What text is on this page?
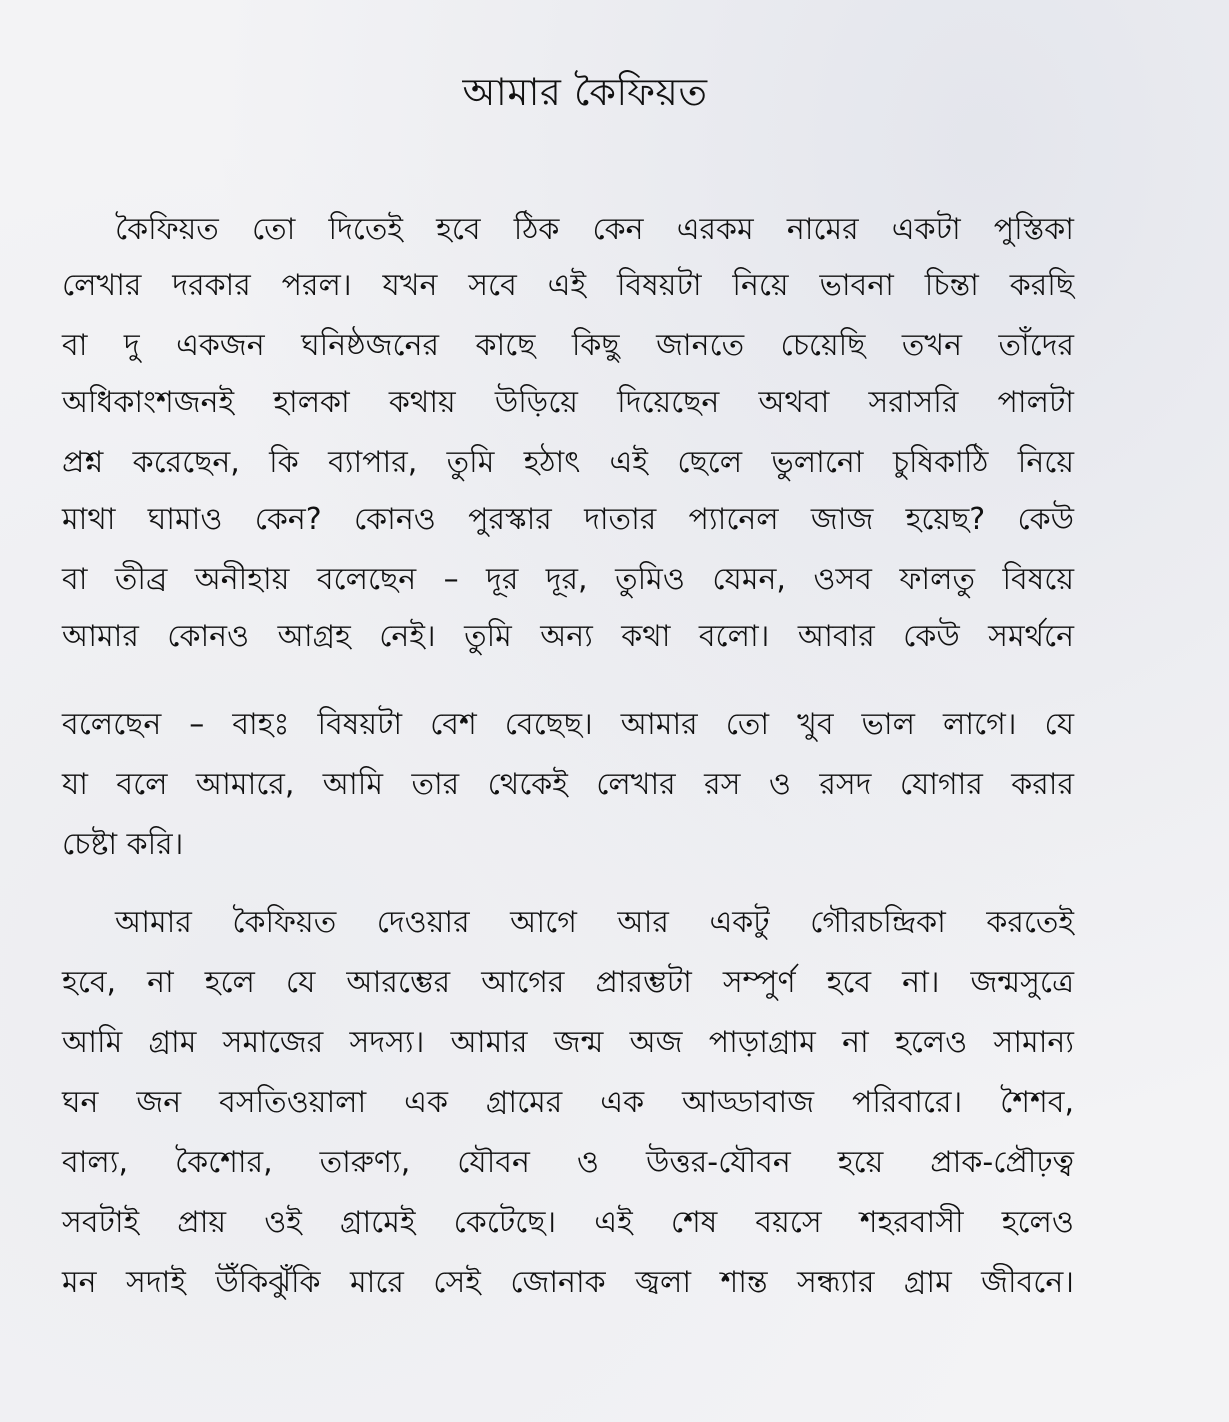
আমার কৈফিয়ত
কৈফিয়ত তো দিতেই হবে ঠিক কেন এরকম নামের একটা পুস্তিকা
লেখার দরকার পরল। যখন সবে এই বিষয়টা নিয়ে ভাবনা চিন্তা করছি
বা দু একজন ঘনিষ্ঠজনের কাছে কিছু জানতে চেয়েছি তখন তাঁদের
অধিকাংশজনই হালকা কথায় উড়িয়ে দিয়েছেন অথবা সরাসরি পালটা
প্রশ্ন করেছেন, কি ব্যাপার, তুমি হঠাৎ এই ছেলে ভুলানো চুষিকাঠি নিয়ে
মাথা ঘামাও কেন? কোনও পুরস্কার দাতার প্যানেল জাজ হয়েছ? কেউ
বা তীব্র অনীহায় বলেছেন – দূর দূর, তুমিও যেমন, ওসব ফালতু বিষয়ে
আমার কোনও আগ্রহ নেই। তুমি অন্য কথা বলো। আবার কেউ সমর্থনে
বলেছেন – বাহঃ বিষয়টা বেশ বেছেছ। আমার তো খুব ভাল লাগে। যে
যা বলে আমারে, আমি তার থেকেই লেখার রস ও রসদ যোগার করার
চেষ্টা করি।
আমার কৈফিয়ত দেওয়ার আগে আর একটু গৌরচন্দ্রিকা করতেই
হবে, না হলে যে আরম্ভের আগের প্রারম্ভটা সম্পুর্ণ হবে না। জন্মসুত্রে
আমি গ্রাম সমাজের সদস্য। আমার জন্ম অজ পাড়াগ্রাম না হলেও সামান্য
ঘন জন বসতিওয়ালা এক গ্রামের এক আড্ডাবাজ পরিবারে। শৈশব,
বাল্য, কৈশোর, তারুণ্য, যৌবন ও উত্তর-যৌবন হয়ে প্রাক-প্রৌঢ়ত্ব
সবটাই প্রায় ওই গ্রামেই কেটেছে। এই শেষ বয়সে শহরবাসী হলেও
মন সদাই উঁকিঝুঁকি মারে সেই জোনাক জ্বলা শান্ত সন্ধ্যার গ্রাম জীবনে।
